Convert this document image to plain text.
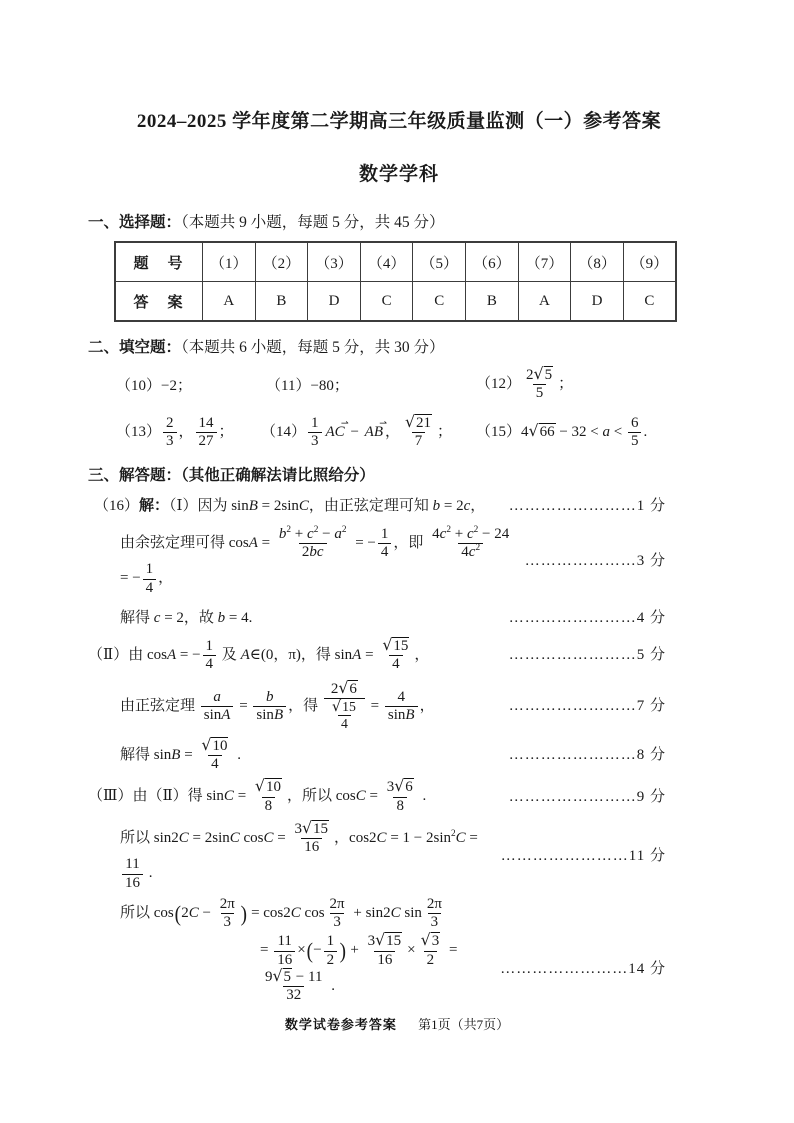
2024–2025 学年度第二学期高三年级质量监测（一）参考答案
数学学科
一、选择题：（本题共 9 小题，每题 5 分，共 45 分）
题　号	（1）	（2）	（3）	（4）	（5）	（6）	（7）	（8）	（9）
答　案	A	B	D	C	C	B	A	D	C
二、填空题：（本题共 6 小题，每题 5 分，共 30 分）
（10）−2；	（11）−80；	$(12) \frac{2√5}{5}$ ；
$(13) \frac{2}{3}$ ， $\frac{14}{27}$ ；	$(14) \frac{1}{3}$ ⇀
AC −
⇀
AB ， $\frac{√21}{7}$ ；	$(15)4√66 - 32 < a < \frac{6}{5}$ .
三、解答题：（其他正确解法请比照给分）
（16）解：（Ⅰ）因为 sinB = 2sinC，由正弦定理可知 b = 2c， ……………………1 分
由余弦定理可得 $\cos A = \frac{b^2 + c^2 - a^2}{2bc}$ = − $\frac{1}{4}$ ，即 $\frac{4c^2 + c^2 - 24}{4c^2}$
= − $\frac{1}{4}$ ，
…………………3 分
解得 c = 2，故 b = 4.	……………………4 分
（Ⅱ）由 cosA = − $\frac{1}{4}$ 及 A∈(0，π)，得 $\sin A = \frac{√15}{4}$ ，	……………………5 分
由正弦定理 $\frac{a}{\sin A} = \frac{b}{\sin B}$ ，得 $\frac{2√6}{\frac{√15}{4}} = \frac{4}{\sin B}$ ，	……………………7 分
解得 $\sin B = \frac{√10}{4}$ .	……………………8 分
（Ⅲ）由（Ⅱ）得 $\sin C = \frac{√10}{8}$ ，所以 $\cos C = \frac{3√6}{8}$ .	……………………9 分
所以 sin2C = 2sinC $\cos C = \frac{3√15}{16}$ ，$\cos 2C = 1 - 2\sin^2C$ =
$\frac{11}{16}$ .
……………………11 分
所以 $\cos(2C - \frac{2\pi}{3}$ ) = cos2C $\cos \frac{2\pi}{3} + \sin 2C$ $\sin \frac{2\pi}{3}$
= $\frac{11}{16}$ ×(− $\frac{1}{2}$ ) + $\frac{3√15}{16} \times \frac{√3}{2}$ =
$\frac{9√5 - 11}{32}$ .
……………………14 分
数学试卷参考答案 第1页（共7页）
